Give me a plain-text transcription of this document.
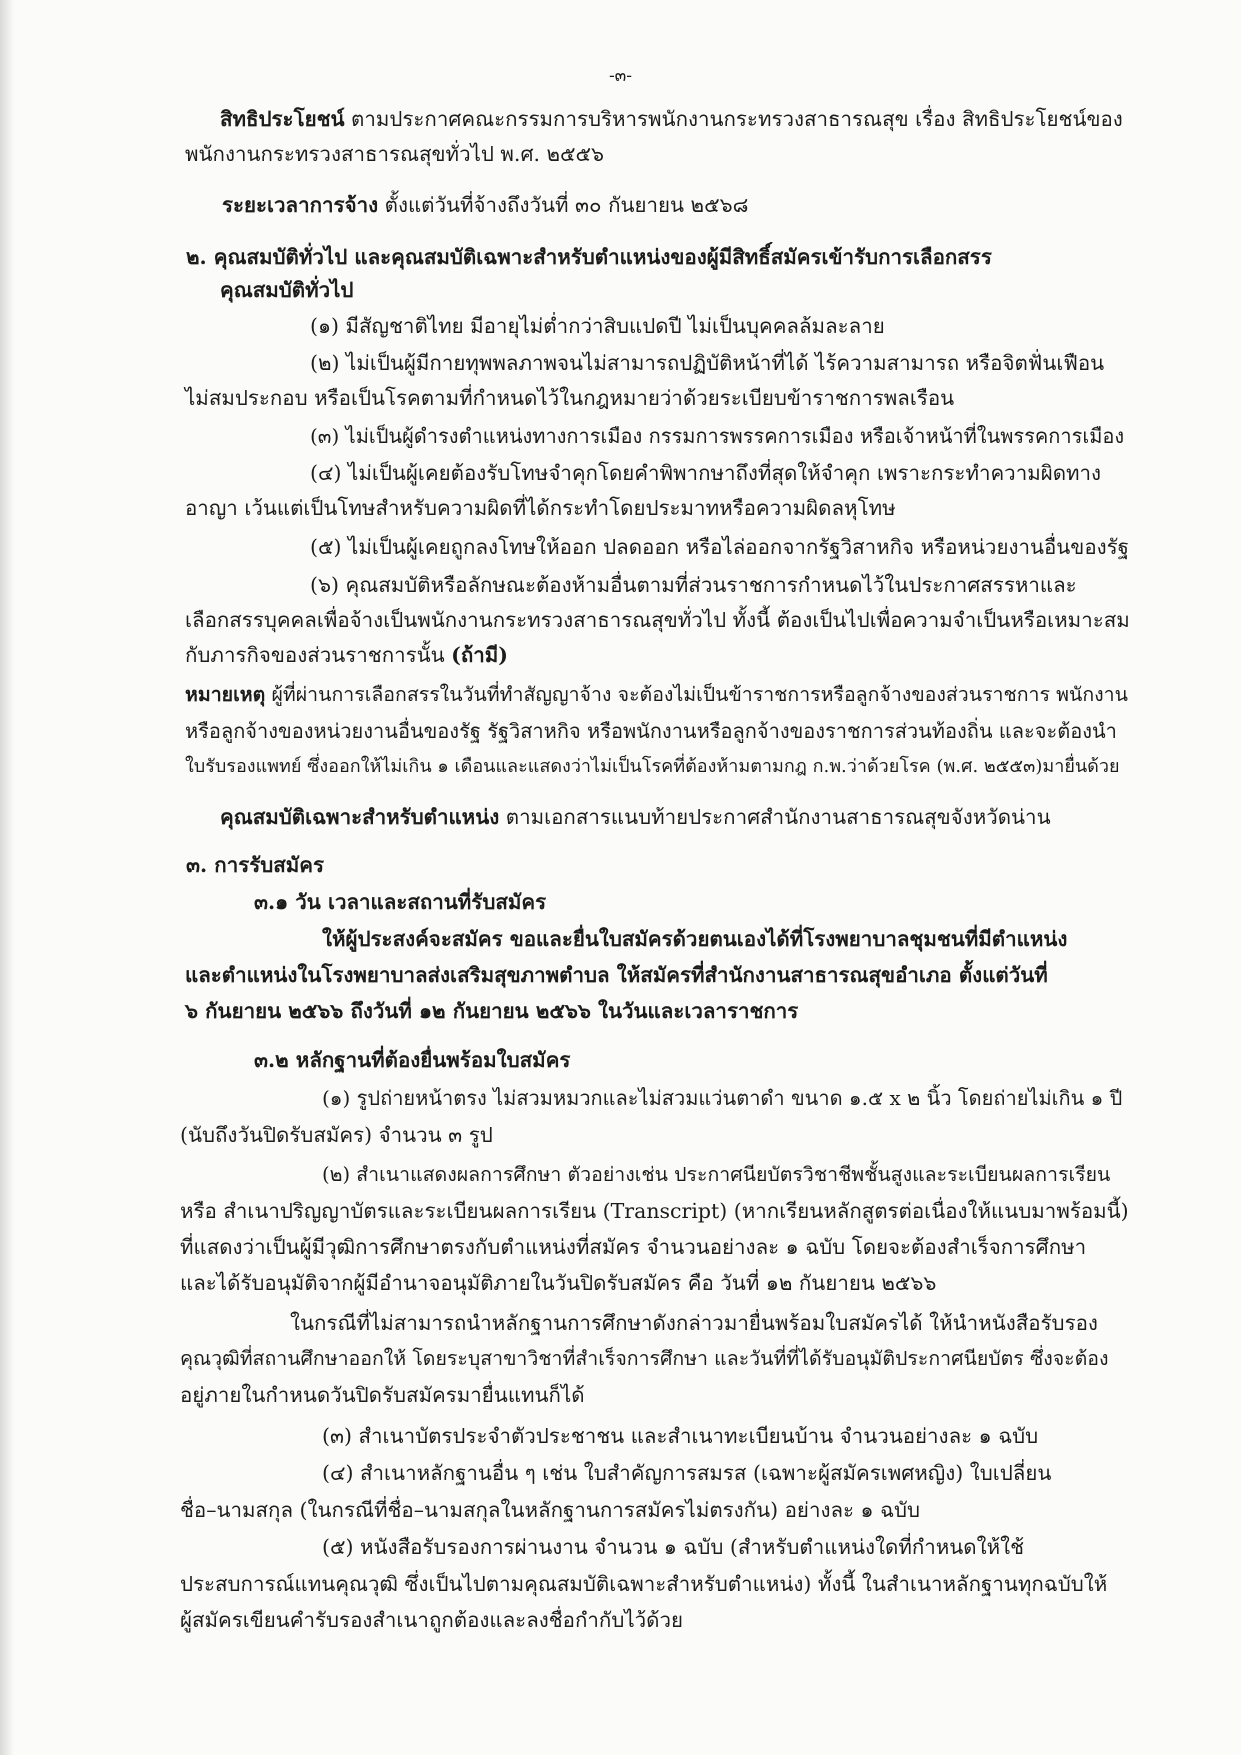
-๓-
สิทธิประโยชน์ ตามประกาศคณะกรรมการบริหารพนักงานกระทรวงสาธารณสุข เรื่อง สิทธิประโยชน์ของ
พนักงานกระทรวงสาธารณสุขทั่วไป พ.ศ. ๒๕๕๖
ระยะเวลาการจ้าง ตั้งแต่วันที่จ้างถึงวันที่ ๓๐ กันยายน ๒๕๖๘
๒. คุณสมบัติทั่วไป และคุณสมบัติเฉพาะสำหรับตำแหน่งของผู้มีสิทธิ์สมัครเข้ารับการเลือกสรร
คุณสมบัติทั่วไป
(๑) มีสัญชาติไทย มีอายุไม่ต่ำกว่าสิบแปดปี ไม่เป็นบุคคลล้มละลาย
(๒) ไม่เป็นผู้มีกายทุพพลภาพจนไม่สามารถปฏิบัติหน้าที่ได้ ไร้ความสามารถ หรือจิตฟั่นเฟือน
ไม่สมประกอบ หรือเป็นโรคตามที่กำหนดไว้ในกฎหมายว่าด้วยระเบียบข้าราชการพลเรือน
(๓) ไม่เป็นผู้ดำรงตำแหน่งทางการเมือง กรรมการพรรคการเมือง หรือเจ้าหน้าที่ในพรรคการเมือง
(๔) ไม่เป็นผู้เคยต้องรับโทษจำคุกโดยคำพิพากษาถึงที่สุดให้จำคุก เพราะกระทำความผิดทาง
อาญา เว้นแต่เป็นโทษสำหรับความผิดที่ได้กระทำโดยประมาทหรือความผิดลหุโทษ
(๕) ไม่เป็นผู้เคยถูกลงโทษให้ออก ปลดออก หรือไล่ออกจากรัฐวิสาหกิจ หรือหน่วยงานอื่นของรัฐ
(๖) คุณสมบัติหรือลักษณะต้องห้ามอื่นตามที่ส่วนราชการกำหนดไว้ในประกาศสรรหาและ
เลือกสรรบุคคลเพื่อจ้างเป็นพนักงานกระทรวงสาธารณสุขทั่วไป ทั้งนี้ ต้องเป็นไปเพื่อความจำเป็นหรือเหมาะสม
กับภารกิจของส่วนราชการนั้น (ถ้ามี)
หมายเหตุ ผู้ที่ผ่านการเลือกสรรในวันที่ทำสัญญาจ้าง จะต้องไม่เป็นข้าราชการหรือลูกจ้างของส่วนราชการ พนักงาน
หรือลูกจ้างของหน่วยงานอื่นของรัฐ รัฐวิสาหกิจ หรือพนักงานหรือลูกจ้างของราชการส่วนท้องถิ่น และจะต้องนำ
ใบรับรองแพทย์ ซึ่งออกให้ไม่เกิน ๑ เดือนและแสดงว่าไม่เป็นโรคที่ต้องห้ามตามกฎ ก.พ.ว่าด้วยโรค (พ.ศ. ๒๕๕๓)มายื่นด้วย
คุณสมบัติเฉพาะสำหรับตำแหน่ง ตามเอกสารแนบท้ายประกาศสำนักงานสาธารณสุขจังหวัดน่าน
๓. การรับสมัคร
๓.๑ วัน เวลาและสถานที่รับสมัคร
ให้ผู้ประสงค์จะสมัคร ขอและยื่นใบสมัครด้วยตนเองได้ที่โรงพยาบาลชุมชนที่มีตำแหน่ง
และตำแหน่งในโรงพยาบาลส่งเสริมสุขภาพตำบล ให้สมัครที่สำนักงานสาธารณสุขอำเภอ ตั้งแต่วันที่
๖ กันยายน ๒๕๖๖ ถึงวันที่ ๑๒ กันยายน ๒๕๖๖ ในวันและเวลาราชการ
๓.๒ หลักฐานที่ต้องยื่นพร้อมใบสมัคร
(๑) รูปถ่ายหน้าตรง ไม่สวมหมวกและไม่สวมแว่นตาดำ ขนาด ๑.๕ x ๒ นิ้ว โดยถ่ายไม่เกิน ๑ ปี
(นับถึงวันปิดรับสมัคร) จำนวน ๓ รูป
(๒) สำเนาแสดงผลการศึกษา ตัวอย่างเช่น ประกาศนียบัตรวิชาชีพชั้นสูงและระเบียนผลการเรียน
หรือ สำเนาปริญญาบัตรและระเบียนผลการเรียน (Transcript) (หากเรียนหลักสูตรต่อเนื่องให้แนบมาพร้อมนี้)
ที่แสดงว่าเป็นผู้มีวุฒิการศึกษาตรงกับตำแหน่งที่สมัคร จำนวนอย่างละ ๑ ฉบับ โดยจะต้องสำเร็จการศึกษา
และได้รับอนุมัติจากผู้มีอำนาจอนุมัติภายในวันปิดรับสมัคร คือ วันที่ ๑๒ กันยายน ๒๕๖๖
ในกรณีที่ไม่สามารถนำหลักฐานการศึกษาดังกล่าวมายื่นพร้อมใบสมัครได้ ให้นำหนังสือรับรอง
คุณวุฒิที่สถานศึกษาออกให้ โดยระบุสาขาวิชาที่สำเร็จการศึกษา และวันที่ที่ได้รับอนุมัติประกาศนียบัตร ซึ่งจะต้อง
อยู่ภายในกำหนดวันปิดรับสมัครมายื่นแทนก็ได้
(๓) สำเนาบัตรประจำตัวประชาชน และสำเนาทะเบียนบ้าน จำนวนอย่างละ ๑ ฉบับ
(๔) สำเนาหลักฐานอื่น ๆ เช่น ใบสำคัญการสมรส (เฉพาะผู้สมัครเพศหญิง) ใบเปลี่ยน
ชื่อ–นามสกุล (ในกรณีที่ชื่อ–นามสกุลในหลักฐานการสมัครไม่ตรงกัน) อย่างละ ๑ ฉบับ
(๕) หนังสือรับรองการผ่านงาน จำนวน ๑ ฉบับ (สำหรับตำแหน่งใดที่กำหนดให้ใช้
ประสบการณ์แทนคุณวุฒิ ซึ่งเป็นไปตามคุณสมบัติเฉพาะสำหรับตำแหน่ง) ทั้งนี้ ในสำเนาหลักฐานทุกฉบับให้
ผู้สมัครเขียนคำรับรองสำเนาถูกต้องและลงชื่อกำกับไว้ด้วย
